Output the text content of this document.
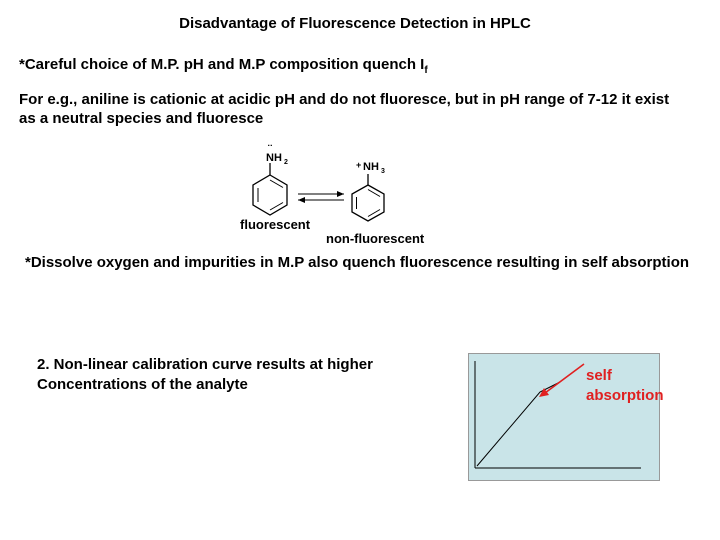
Disadvantage of Fluorescence Detection in HPLC
*Careful choice of M.P. pH and M.P composition quench $I_f$
For e.g., aniline is cationic at acidic pH and do not fluoresce, but in pH range of 7-12 it exist as a neutral species and fluoresce
¨
NH 2	+ NH 3
fluorescent
non-fluorescent
*Dissolve oxygen and impurities in M.P also quench fluorescence resulting in self absorption
2. Non-linear calibration curve results at higher Concentrations of the analyte
self
absorption
